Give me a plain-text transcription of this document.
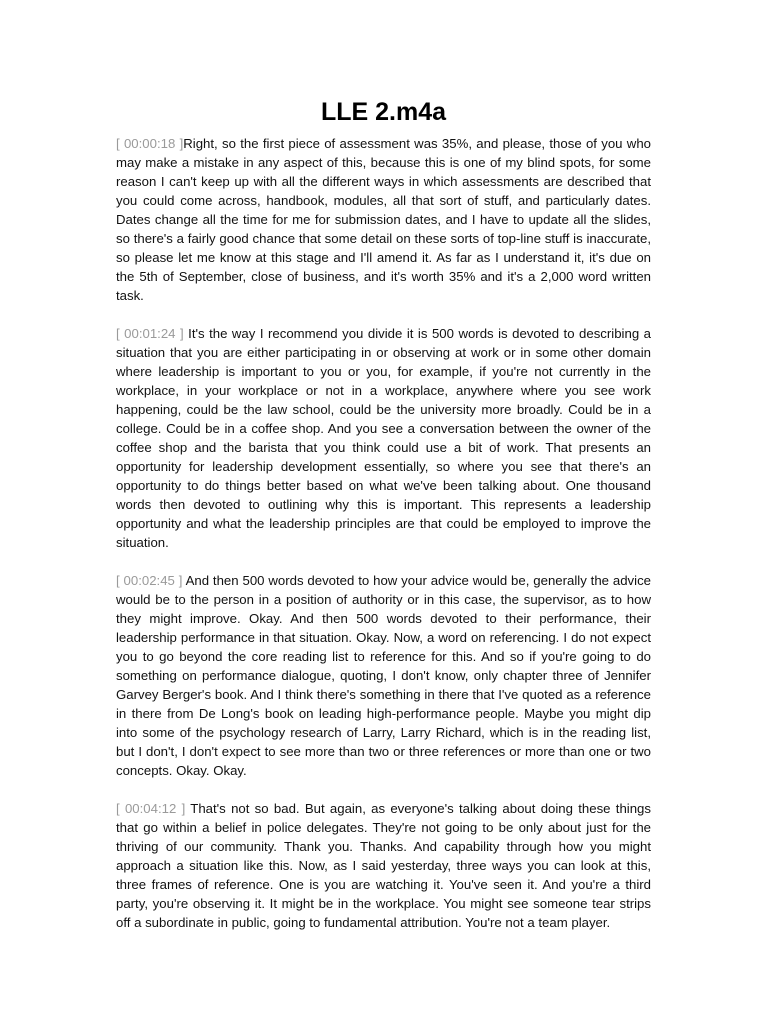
LLE 2.m4a
[ 00:00:18 ]Right, so the first piece of assessment was 35%, and please, those of you who may make a mistake in any aspect of this, because this is one of my blind spots, for some reason I can't keep up with all the different ways in which assessments are described that you could come across, handbook, modules, all that sort of stuff, and particularly dates. Dates change all the time for me for submission dates, and I have to update all the slides, so there's a fairly good chance that some detail on these sorts of top-line stuff is inaccurate, so please let me know at this stage and I'll amend it. As far as I understand it, it's due on the 5th of September, close of business, and it's worth 35% and it's a 2,000 word written task.
[ 00:01:24 ] It's the way I recommend you divide it is 500 words is devoted to describing a situation that you are either participating in or observing at work or in some other domain where leadership is important to you or you, for example, if you're not currently in the workplace, in your workplace or not in a workplace, anywhere where you see work happening, could be the law school, could be the university more broadly. Could be in a college. Could be in a coffee shop. And you see a conversation between the owner of the coffee shop and the barista that you think could use a bit of work. That presents an opportunity for leadership development essentially, so where you see that there's an opportunity to do things better based on what we've been talking about. One thousand words then devoted to outlining why this is important. This represents a leadership opportunity and what the leadership principles are that could be employed to improve the situation.
[ 00:02:45 ] And then 500 words devoted to how your advice would be, generally the advice would be to the person in a position of authority or in this case, the supervisor, as to how they might improve. Okay. And then 500 words devoted to their performance, their leadership performance in that situation. Okay. Now, a word on referencing. I do not expect you to go beyond the core reading list to reference for this. And so if you're going to do something on performance dialogue, quoting, I don't know, only chapter three of Jennifer Garvey Berger's book. And I think there's something in there that I've quoted as a reference in there from De Long's book on leading high-performance people. Maybe you might dip into some of the psychology research of Larry, Larry Richard, which is in the reading list, but I don't, I don't expect to see more than two or three references or more than one or two concepts. Okay. Okay.
[ 00:04:12 ] That's not so bad. But again, as everyone's talking about doing these things that go within a belief in police delegates. They're not going to be only about just for the thriving of our community. Thank you. Thanks. And capability through how you might approach a situation like this. Now, as I said yesterday, three ways you can look at this, three frames of reference. One is you are watching it. You've seen it. And you're a third party, you're observing it. It might be in the workplace. You might see someone tear strips off a subordinate in public, going to fundamental attribution. You're not a team player.
